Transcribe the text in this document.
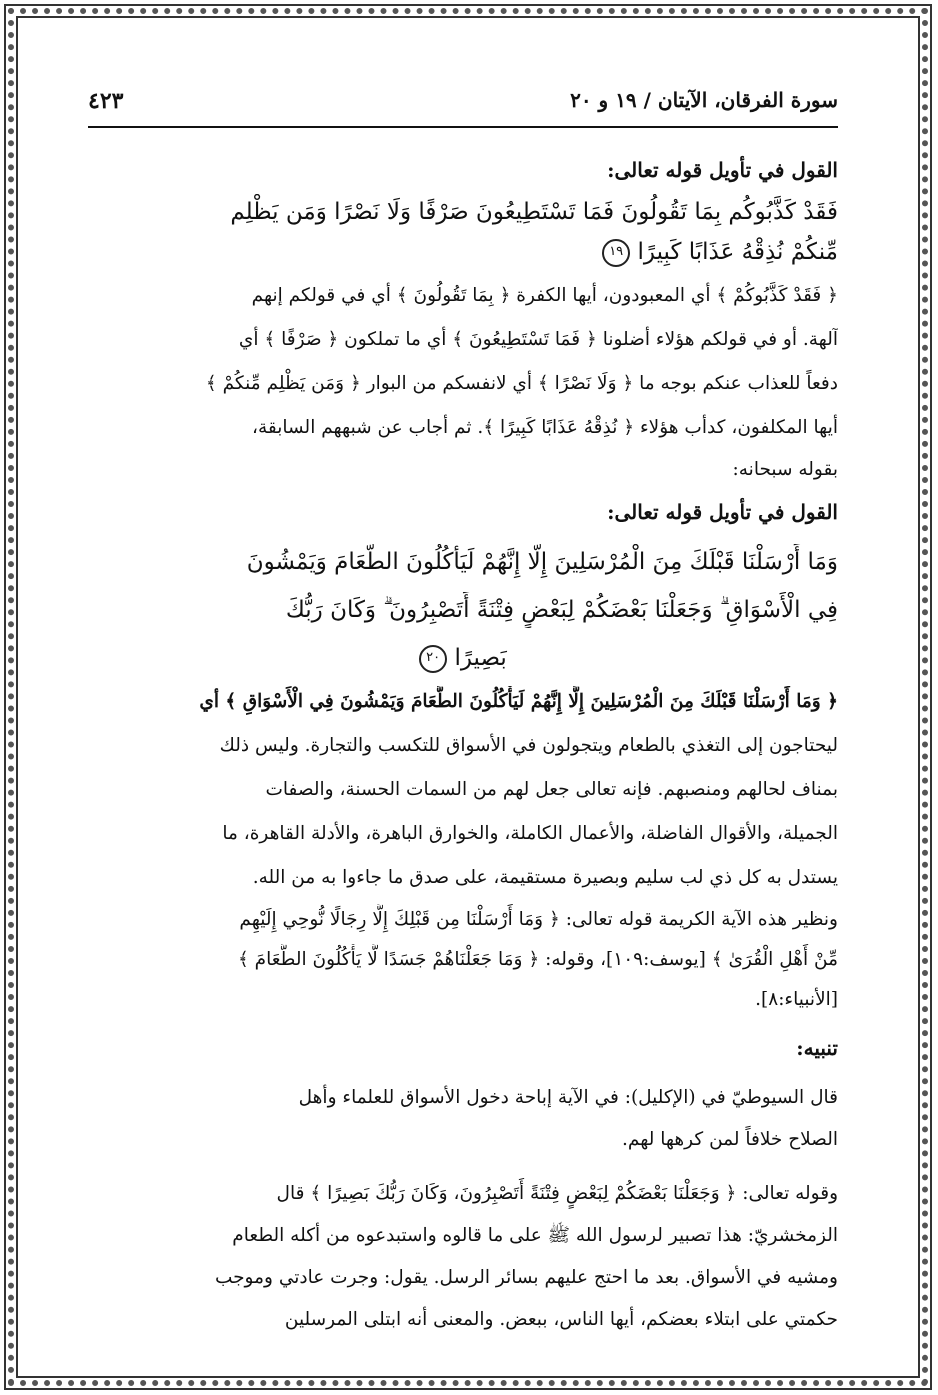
سورة الفرقان، الآيتان / ١٩ و ٢٠
٤٢٣
القول في تأويل قوله تعالى:
فَقَدْ كَذَّبُوكُم بِمَا تَقُولُونَ فَمَا تَسْتَطِيعُونَ صَرْفًا وَلَا نَصْرًا وَمَن يَظْلِم
مِّنكُمْ نُذِقْهُ عَذَابًا كَبِيرًا ١٩
﴿ فَقَدْ كَذَّبُوكُمْ ﴾ أي المعبودون، أيها الكفرة ﴿ بِمَا تَقُولُونَ ﴾ أي في قولكم إنهم
آلهة. أو في قولكم هؤلاء أضلونا ﴿ فَمَا تَسْتَطِيعُونَ ﴾ أي ما تملكون ﴿ صَرْفًا ﴾ أي
دفعاً للعذاب عنكم بوجه ما ﴿ وَلَا نَصْرًا ﴾ أي لانفسكم من البوار ﴿ وَمَن يَظْلِم مِّنكُمْ ﴾
أيها المكلفون، كدأب هؤلاء ﴿ نُذِقْهُ عَذَابًا كَبِيرًا ﴾. ثم أجاب عن شبههم السابقة،
بقوله سبحانه:
القول في تأويل قوله تعالى:
وَمَا أَرْسَلْنَا قَبْلَكَ مِنَ الْمُرْسَلِينَ إِلَّا إِنَّهُمْ لَيَأْكُلُونَ الطَّعَامَ وَيَمْشُونَ
فِي الْأَسْوَاقِ ۗ وَجَعَلْنَا بَعْضَكُمْ لِبَعْضٍ فِتْنَةً أَتَصْبِرُونَ ۗ وَكَانَ رَبُّكَ
بَصِيرًا ٢٠
﴿ وَمَا أَرْسَلْنَا قَبْلَكَ مِنَ الْمُرْسَلِينَ إِلَّا إِنَّهُمْ لَيَأْكُلُونَ الطَّعَامَ وَيَمْشُونَ فِي الْأَسْوَاقِ ﴾ أي
ليحتاجون إلى التغذي بالطعام ويتجولون في الأسواق للتكسب والتجارة. وليس ذلك
بمناف لحالهم ومنصبهم. فإنه تعالى جعل لهم من السمات الحسنة، والصفات
الجميلة، والأقوال الفاضلة، والأعمال الكاملة، والخوارق الباهرة، والأدلة القاهرة، ما
يستدل به كل ذي لب سليم وبصيرة مستقيمة، على صدق ما جاءوا به من الله.
ونظير هذه الآية الكريمة قوله تعالى: ﴿ وَمَا أَرْسَلْنَا مِن قَبْلِكَ إِلَّا رِجَالًا نُّوحِي إِلَيْهِم
مِّنْ أَهْلِ الْقُرَىٰ ﴾ [يوسف:١٠٩]، وقوله: ﴿ وَمَا جَعَلْنَاهُمْ جَسَدًا لَّا يَأْكُلُونَ الطَّعَامَ ﴾
[الأنبياء:٨].
تنبيه:
قال السيوطيّ في (الإكليل): في الآية إباحة دخول الأسواق للعلماء وأهل
الصلاح خلافاً لمن كرهها لهم.
وقوله تعالى: ﴿ وَجَعَلْنَا بَعْضَكُمْ لِبَعْضٍ فِتْنَةً أَتَصْبِرُونَ، وَكَانَ رَبُّكَ بَصِيرًا ﴾ قال
الزمخشريّ: هذا تصبير لرسول الله ﷺ على ما قالوه واستبدعوه من أكله الطعام
ومشيه في الأسواق. بعد ما احتج عليهم بسائر الرسل. يقول: وجرت عادتي وموجب
حكمتي على ابتلاء بعضكم، أيها الناس، ببعض. والمعنى أنه ابتلى المرسلين
